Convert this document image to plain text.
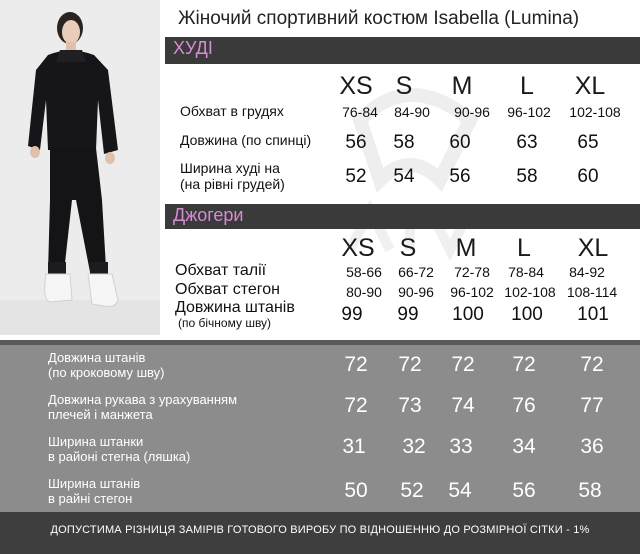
Жіночий спортивний костюм Isabella (Lumina)
ХУДІ
XS S	M	L	XL
Обхват в грудях	76-84	84-90	90-96	96-102	102-108
Довжина (по спинці)	56	58	60	63	65
Ширина худі на
(на рівні грудей)	52	54	56	58	60
Джогери
XS S	M	L	XL
Обхват талії	58-66	66-72	72-78	78-84	84-92
Обхват стегон	80-90	90-96	96-102 102-108 108-114
Довжина штанів
(по бічному шву)	99	99	100	100	101
Довжина штанів
(по кроковому шву)	72	72	72	72	72
Довжина рукава з урахуванням
плечей і манжета	72	73	74	76	77
Ширина штанки
в районі стегна (ляшка)	31	32	33	34	36
Ширина штанів
в райні стегон	50	52	54	56	58
ДОПУСТИМА РІЗНИЦЯ ЗАМІРІВ ГОТОВОГО ВИРОБУ ПО ВІДНОШЕННЮ ДО РОЗМІРНОЇ СІТКИ - 1%
